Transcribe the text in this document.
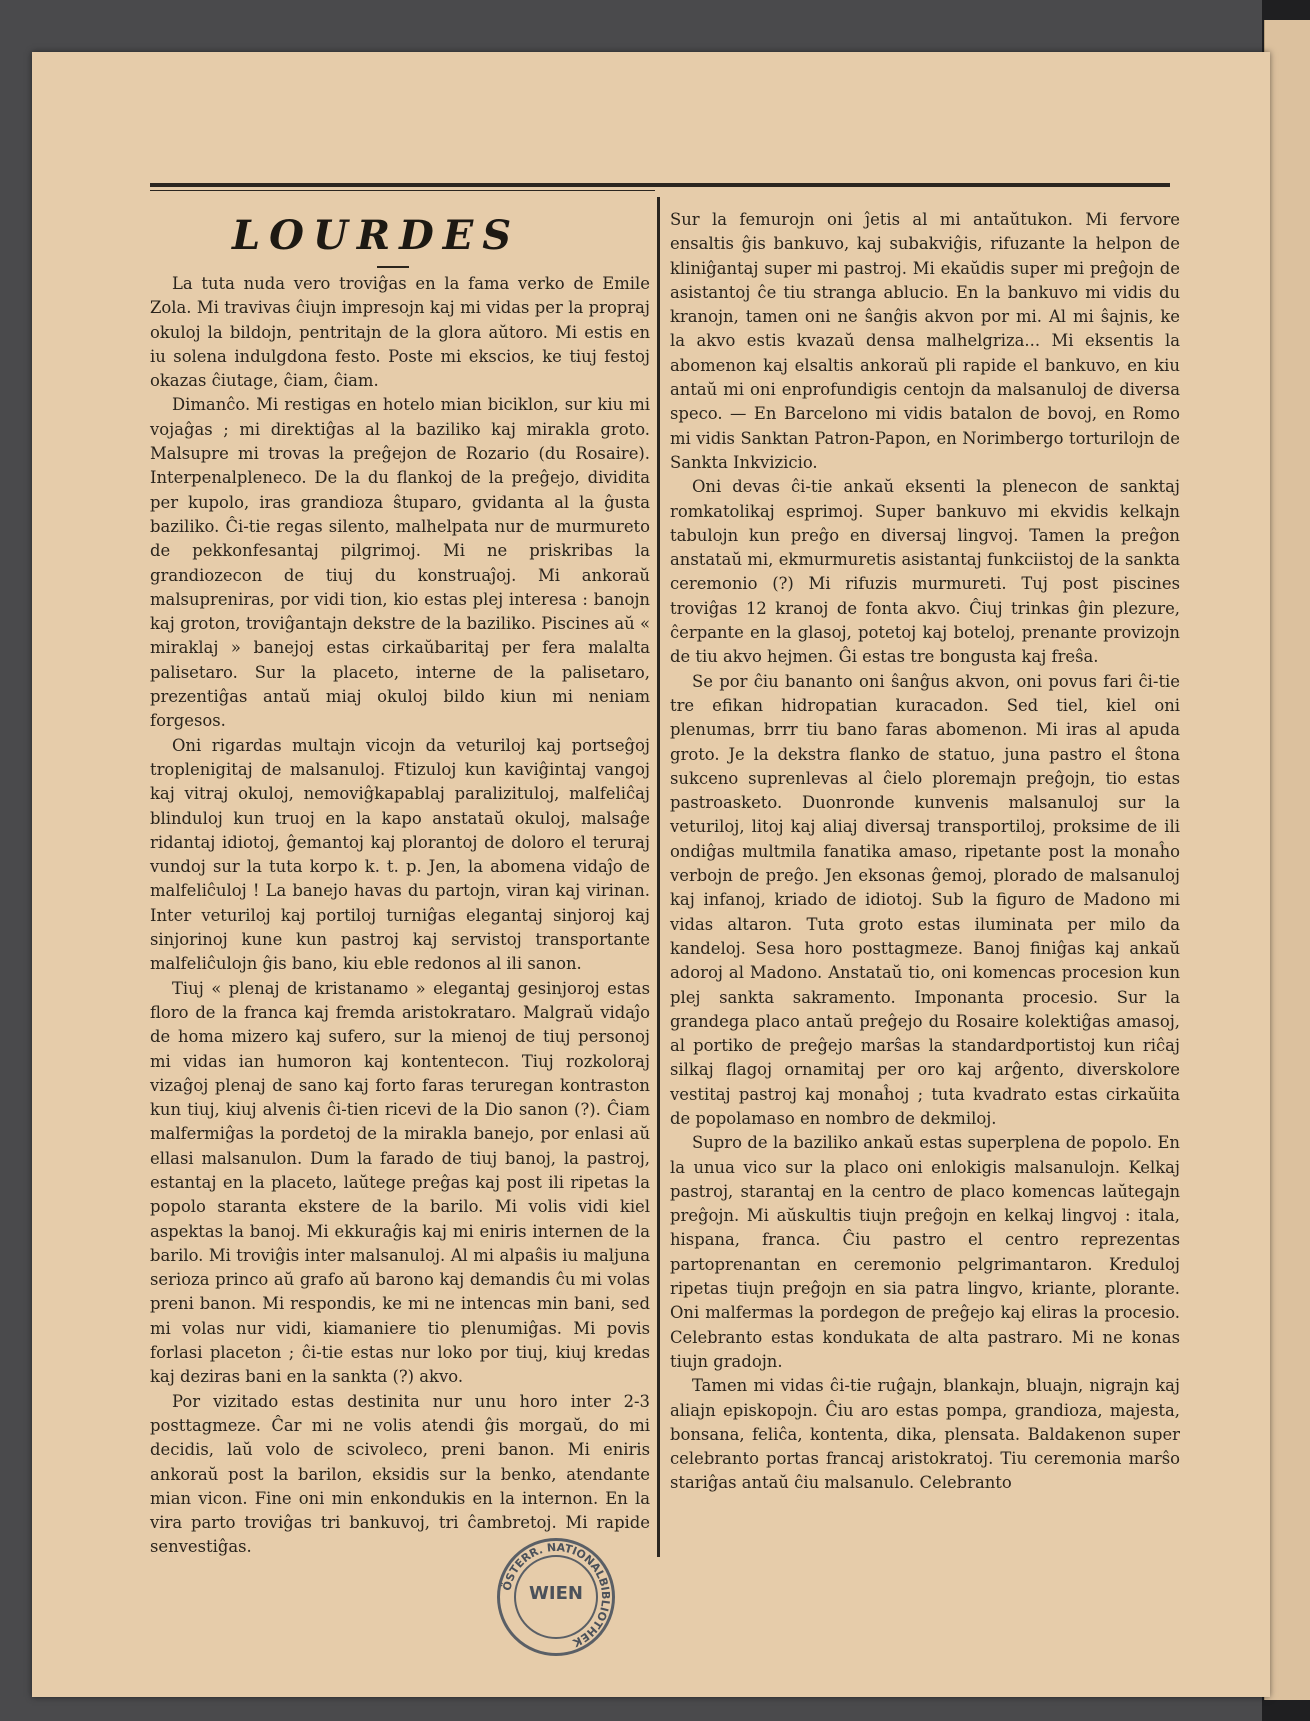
LOURDES

La tuta nuda vero troviĝas en la fama verko de Emile Zola. Mi travivas ĉiujn impresojn kaj mi vidas per la propraj okuloj la bildojn, pentritajn de la glora aŭtoro. Mi estis en iu solena indulgdona festo. Poste mi ekscios, ke tiuj festoj okazas ĉiutage, ĉiam, ĉiam.

Dimanĉo. Mi restigas en hotelo mian biciklon, sur kiu mi vojaĝas ; mi direktiĝas al la baziliko kaj mirakla groto. Malsupre mi trovas la preĝejon de Rozario (du Rosaire). Interpenalpleneco. De la du flankoj de la preĝejo, dividita per kupolo, iras grandioza ŝtuparo, gvidanta al la ĝusta baziliko. Ĉi-tie regas silento, malhelpata nur de murmureto de pekkonfesantaj pilgrimoj. Mi ne priskribas la grandiozecon de tiuj du konstruaĵoj. Mi ankoraŭ malsupreniras, por vidi tion, kio estas plej interesa : banojn kaj groton, troviĝantajn dekstre de la baziliko. Piscines aŭ « miraklaj » banejoj estas cirkaŭbaritaj per fera malalta palisetaro. Sur la placeto, interne de la palisetaro, prezentiĝas antaŭ miaj okuloj bildo kiun mi neniam forgesos.

Oni rigardas multajn vicojn da veturiloj kaj portseĝoj troplenigitaj de malsanuloj. Ftizuloj kun kaviĝintaj vangoj kaj vitraj okuloj, nemoviĝkapablaj paralizituloj, malfeliĉaj blinduloj kun truoj en la kapo anstataŭ okuloj, malsaĝe ridantaj idiotoj, ĝemantoj kaj plorantoj de doloro el teruraj vundoj sur la tuta korpo k. t. p. Jen, la abomena vidaĵo de malfeliĉuloj ! La banejo havas du partojn, viran kaj virinan. Inter veturiloj kaj portiloj turniĝas elegantaj sinjoroj kaj sinjorinoj kune kun pastroj kaj servistoj transportante malfeliĉulojn ĝis bano, kiu eble redonos al ili sanon.

Tiuj « plenaj de kristanamo » elegantaj gesinjoroj estas floro de la franca kaj fremda aristokrataro. Malgraŭ vidaĵo de homa mizero kaj sufero, sur la mienoj de tiuj personoj mi vidas ian humoron kaj kontentecon. Tiuj rozkoloraj vizaĝoj plenaj de sano kaj forto faras teruregan kontraston kun tiuj, kiuj alvenis ĉi-tien ricevi de la Dio sanon (?). Ĉiam malfermiĝas la pordetoj de la mirakla banejo, por enlasi aŭ ellasi malsanulon. Dum la farado de tiuj banoj, la pastroj, estantaj en la placeto, laŭtege preĝas kaj post ili ripetas la popolo staranta ekstere de la barilo. Mi volis vidi kiel aspektas la banoj. Mi ekkuraĝis kaj mi eniris internen de la barilo. Mi troviĝis inter malsanuloj. Al mi alpaŝis iu maljuna serioza princo aŭ grafo aŭ barono kaj demandis ĉu mi volas preni banon. Mi respondis, ke mi ne intencas min bani, sed mi volas nur vidi, kiamaniere tio plenumiĝas. Mi povis forlasi placeton ; ĉi-tie estas nur loko por tiuj, kiuj kredas kaj deziras bani en la sankta (?) akvo.

Por vizitado estas destinita nur unu horo inter 2-3 posttagmeze. Ĉar mi ne volis atendi ĝis morgaŭ, do mi decidis, laŭ volo de scivoleco, preni banon. Mi eniris ankoraŭ post la barilon, eksidis sur la benko, atendante mian vicon. Fine oni min enkondukis en la internon. En la vira parto troviĝas tri bankuvoj, tri ĉambretoj. Mi rapide senvestiĝas.

Sur la femurojn oni ĵetis al mi antaŭtukon. Mi fervore ensaltis ĝis bankuvo, kaj subakviĝis, rifuzante la helpon de kliniĝantaj super mi pastroj. Mi ekaŭdis super mi preĝojn de asistantoj ĉe tiu stranga ablucio. En la bankuvo mi vidis du kranojn, tamen oni ne ŝanĝis akvon por mi. Al mi ŝajnis, ke la akvo estis kvazaŭ densa malhelgriza... Mi eksentis la abomenon kaj elsaltis ankoraŭ pli rapide el bankuvo, en kiu antaŭ mi oni enprofundigis centojn da malsanuloj de diversa speco. — En Barcelono mi vidis batalon de bovoj, en Romo mi vidis Sanktan Patron-Papon, en Norimbergo torturilojn de Sankta Inkvizicio.

Oni devas ĉi-tie ankaŭ eksenti la plenecon de sanktaj romkatolikaj esprimoj. Super bankuvo mi ekvidis kelkajn tabulojn kun preĝo en diversaj lingvoj. Tamen la preĝon anstataŭ mi, ekmurmuretis asistantaj funkciistoj de la sankta ceremonio (?) Mi rifuzis murmureti. Tuj post piscines troviĝas 12 kranoj de fonta akvo. Ĉiuj trinkas ĝin plezure, ĉerpante en la glasoj, potetoj kaj boteloj, prenante provizojn de tiu akvo hejmen. Ĝi estas tre bongusta kaj freŝa.

Se por ĉiu bananto oni ŝanĝus akvon, oni povus fari ĉi-tie tre efikan hidropatian kuracadon. Sed tiel, kiel oni plenumas, brrr tiu bano faras abomenon. Mi iras al apuda groto. Je la dekstra flanko de statuo, juna pastro el ŝtona sukceno suprenlevas al ĉielo ploremajn preĝojn, tio estas pastroasketo. Duonronde kunvenis malsanuloj sur la veturiloj, litoj kaj aliaj diversaj transportiloj, proksime de ili ondiĝas multmila fanatika amaso, ripetante post la monaĥo verbojn de preĝo. Jen eksonas ĝemoj, plorado de malsanuloj kaj infanoj, kriado de idiotoj. Sub la figuro de Madono mi vidas altaron. Tuta groto estas iluminata per milo da kandeloj. Sesa horo posttagmeze. Banoj finiĝas kaj ankaŭ adoroj al Madono. Anstataŭ tio, oni komencas procesion kun plej sankta sakramento. Imponanta procesio. Sur la grandega placo antaŭ preĝejo du Rosaire kolektiĝas amasoj, al portiko de preĝejo marŝas la standardportistoj kun riĉaj silkaj flagoj ornamitaj per oro kaj arĝento, diverskolore vestitaj pastroj kaj monaĥoj ; tuta kvadrato estas cirkaŭita de popolamaso en nombro de dekmiloj.

Supro de la baziliko ankaŭ estas superplena de popolo. En la unua vico sur la placo oni enlokigis malsanulojn. Kelkaj pastroj, starantaj en la centro de placo komencas laŭtegajn preĝojn. Mi aŭskultis tiujn preĝojn en kelkaj lingvoj : itala, hispana, franca. Ĉiu pastro el centro reprezentas partoprenantan en ceremonio pelgrimantaron. Kreduloj ripetas tiujn preĝojn en sia patra lingvo, kriante, plorante. Oni malfermas la pordegon de preĝejo kaj eliras la procesio. Celebranto estas kondukata de alta pastraro. Mi ne konas tiujn gradojn.

Tamen mi vidas ĉi-tie ruĝajn, blankajn, bluajn, nigrajn kaj aliajn episkopojn. Ĉiu aro estas pompa, grandioza, majesta, bonsana, feliĉa, kontenta, dika, plensata. Baldakenon super celebranto portas francaj aristokratoj. Tiu ceremonia marŝo stariĝas antaŭ ĉiu malsanulo. Celebranto

ÖSTERR. NATIONALBIBLIOTHEK
WIEN
